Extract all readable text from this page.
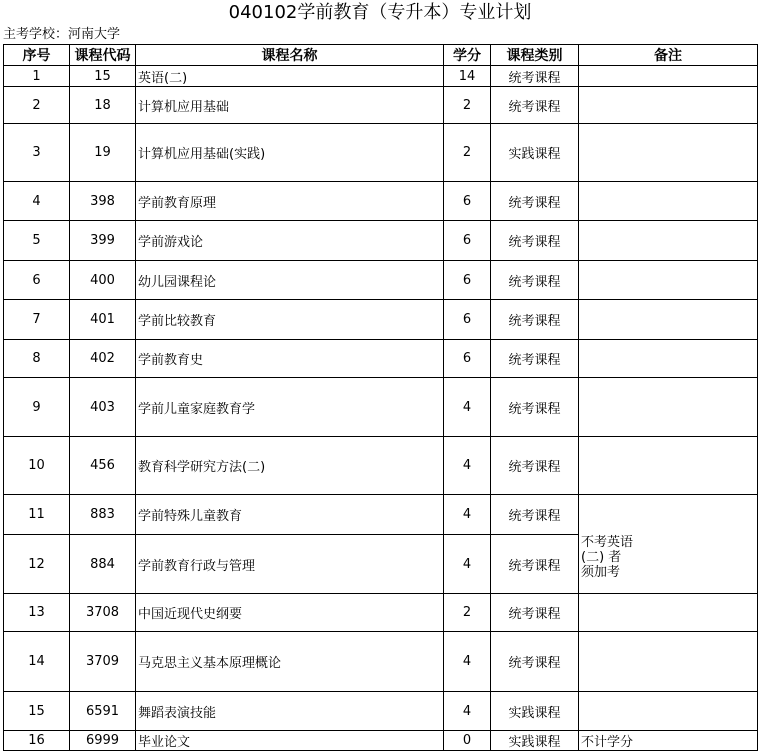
040102学前教育（专升本）专业计划
主考学校：河南大学
序号	课程代码	课程名称	学分	课程类别	备注
1	15	英语(二)	14	统考课程	
2	18	计算机应用基础	2	统考课程	
3	19	计算机应用基础(实践)	2	实践课程	
4	398	学前教育原理	6	统考课程	
5	399	学前游戏论	6	统考课程	
6	400	幼儿园课程论	6	统考课程	
7	401	学前比较教育	6	统考课程	
8	402	学前教育史	6	统考课程	
9	403	学前儿童家庭教育学	4	统考课程	
10	456	教育科学研究方法(二)	4	统考课程	
11	883	学前特殊儿童教育	4	统考课程	不考英语
(二) 者
须加考

12	884	学前教育行政与管理	4	统考课程	
13	3708	中国近现代史纲要	2	统考课程	
14	3709	马克思主义基本原理概论	4	统考课程	
15	6591	舞蹈表演技能	4	实践课程	
16	6999	毕业论文	0	实践课程	不计学分
